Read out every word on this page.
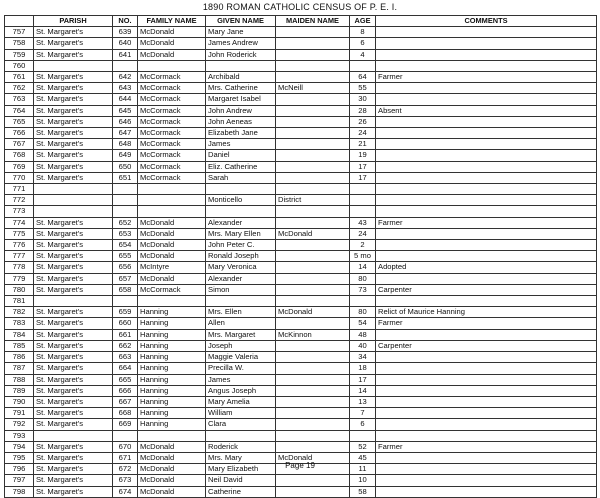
1890 ROMAN CATHOLIC CENSUS OF P. E. I.
	PARISH	NO.	FAMILY NAME	GIVEN NAME	MAIDEN NAME	AGE	COMMENTS
757	St. Margaret's	639	McDonald	Mary Jane		8	
758	St. Margaret's	640	McDonald	James Andrew		6	
759	St. Margaret's	641	McDonald	John Roderick		4	
760							
761	St. Margaret's	642	McCormack	Archibald		64	Farmer
762	St. Margaret's	643	McCormack	Mrs. Catherine	McNeill	55	
763	St. Margaret's	644	McCormack	Margaret Isabel		30	
764	St. Margaret's	645	McCormack	John Andrew		28	Absent
765	St. Margaret's	646	McCormack	John Aeneas		26	
766	St. Margaret's	647	McCormack	Elizabeth Jane		24	
767	St. Margaret's	648	McCormack	James		21	
768	St. Margaret's	649	McCormack	Daniel		19	
769	St. Margaret's	650	McCormack	Eliz. Catherine		17	
770	St. Margaret's	651	McCormack	Sarah		17	
771							
772				Monticello	District		
773							
774	St. Margaret's	652	McDonald	Alexander		43	Farmer
775	St. Margaret's	653	McDonald	Mrs. Mary Ellen	McDonald	24	
776	St. Margaret's	654	McDonald	John Peter C.		2	
777	St. Margaret's	655	McDonald	Ronald Joseph		5 mo	
778	St. Margaret's	656	McIntyre	Mary Veronica		14	Adopted
779	St. Margaret's	657	McDonald	Alexander		80	
780	St. Margaret's	658	McCormack	Simon		73	Carpenter
781							
782	St. Margaret's	659	Hanning	Mrs. Ellen	McDonald	80	Relict of Maurice Hanning
783	St. Margaret's	660	Hanning	Allen		54	Farmer
784	St. Margaret's	661	Hanning	Mrs. Margaret	McKinnon	48	
785	St. Margaret's	662	Hanning	Joseph		40	Carpenter
786	St. Margaret's	663	Hanning	Maggie Valeria		34	
787	St. Margaret's	664	Hanning	Precilla W.		18	
788	St. Margaret's	665	Hanning	James		17	
789	St. Margaret's	666	Hanning	Angus Joseph		14	
790	St. Margaret's	667	Hanning	Mary Amelia		13	
791	St. Margaret's	668	Hanning	William		7	
792	St. Margaret's	669	Hanning	Clara		6	
793							
794	St. Margaret's	670	McDonald	Roderick		52	Farmer
795	St. Margaret's	671	McDonald	Mrs. Mary	McDonald	45	
796	St. Margaret's	672	McDonald	Mary Elizabeth		11	
797	St. Margaret's	673	McDonald	Neil David		10	
798	St. Margaret's	674	McDonald	Catherine		58	
Page 19
